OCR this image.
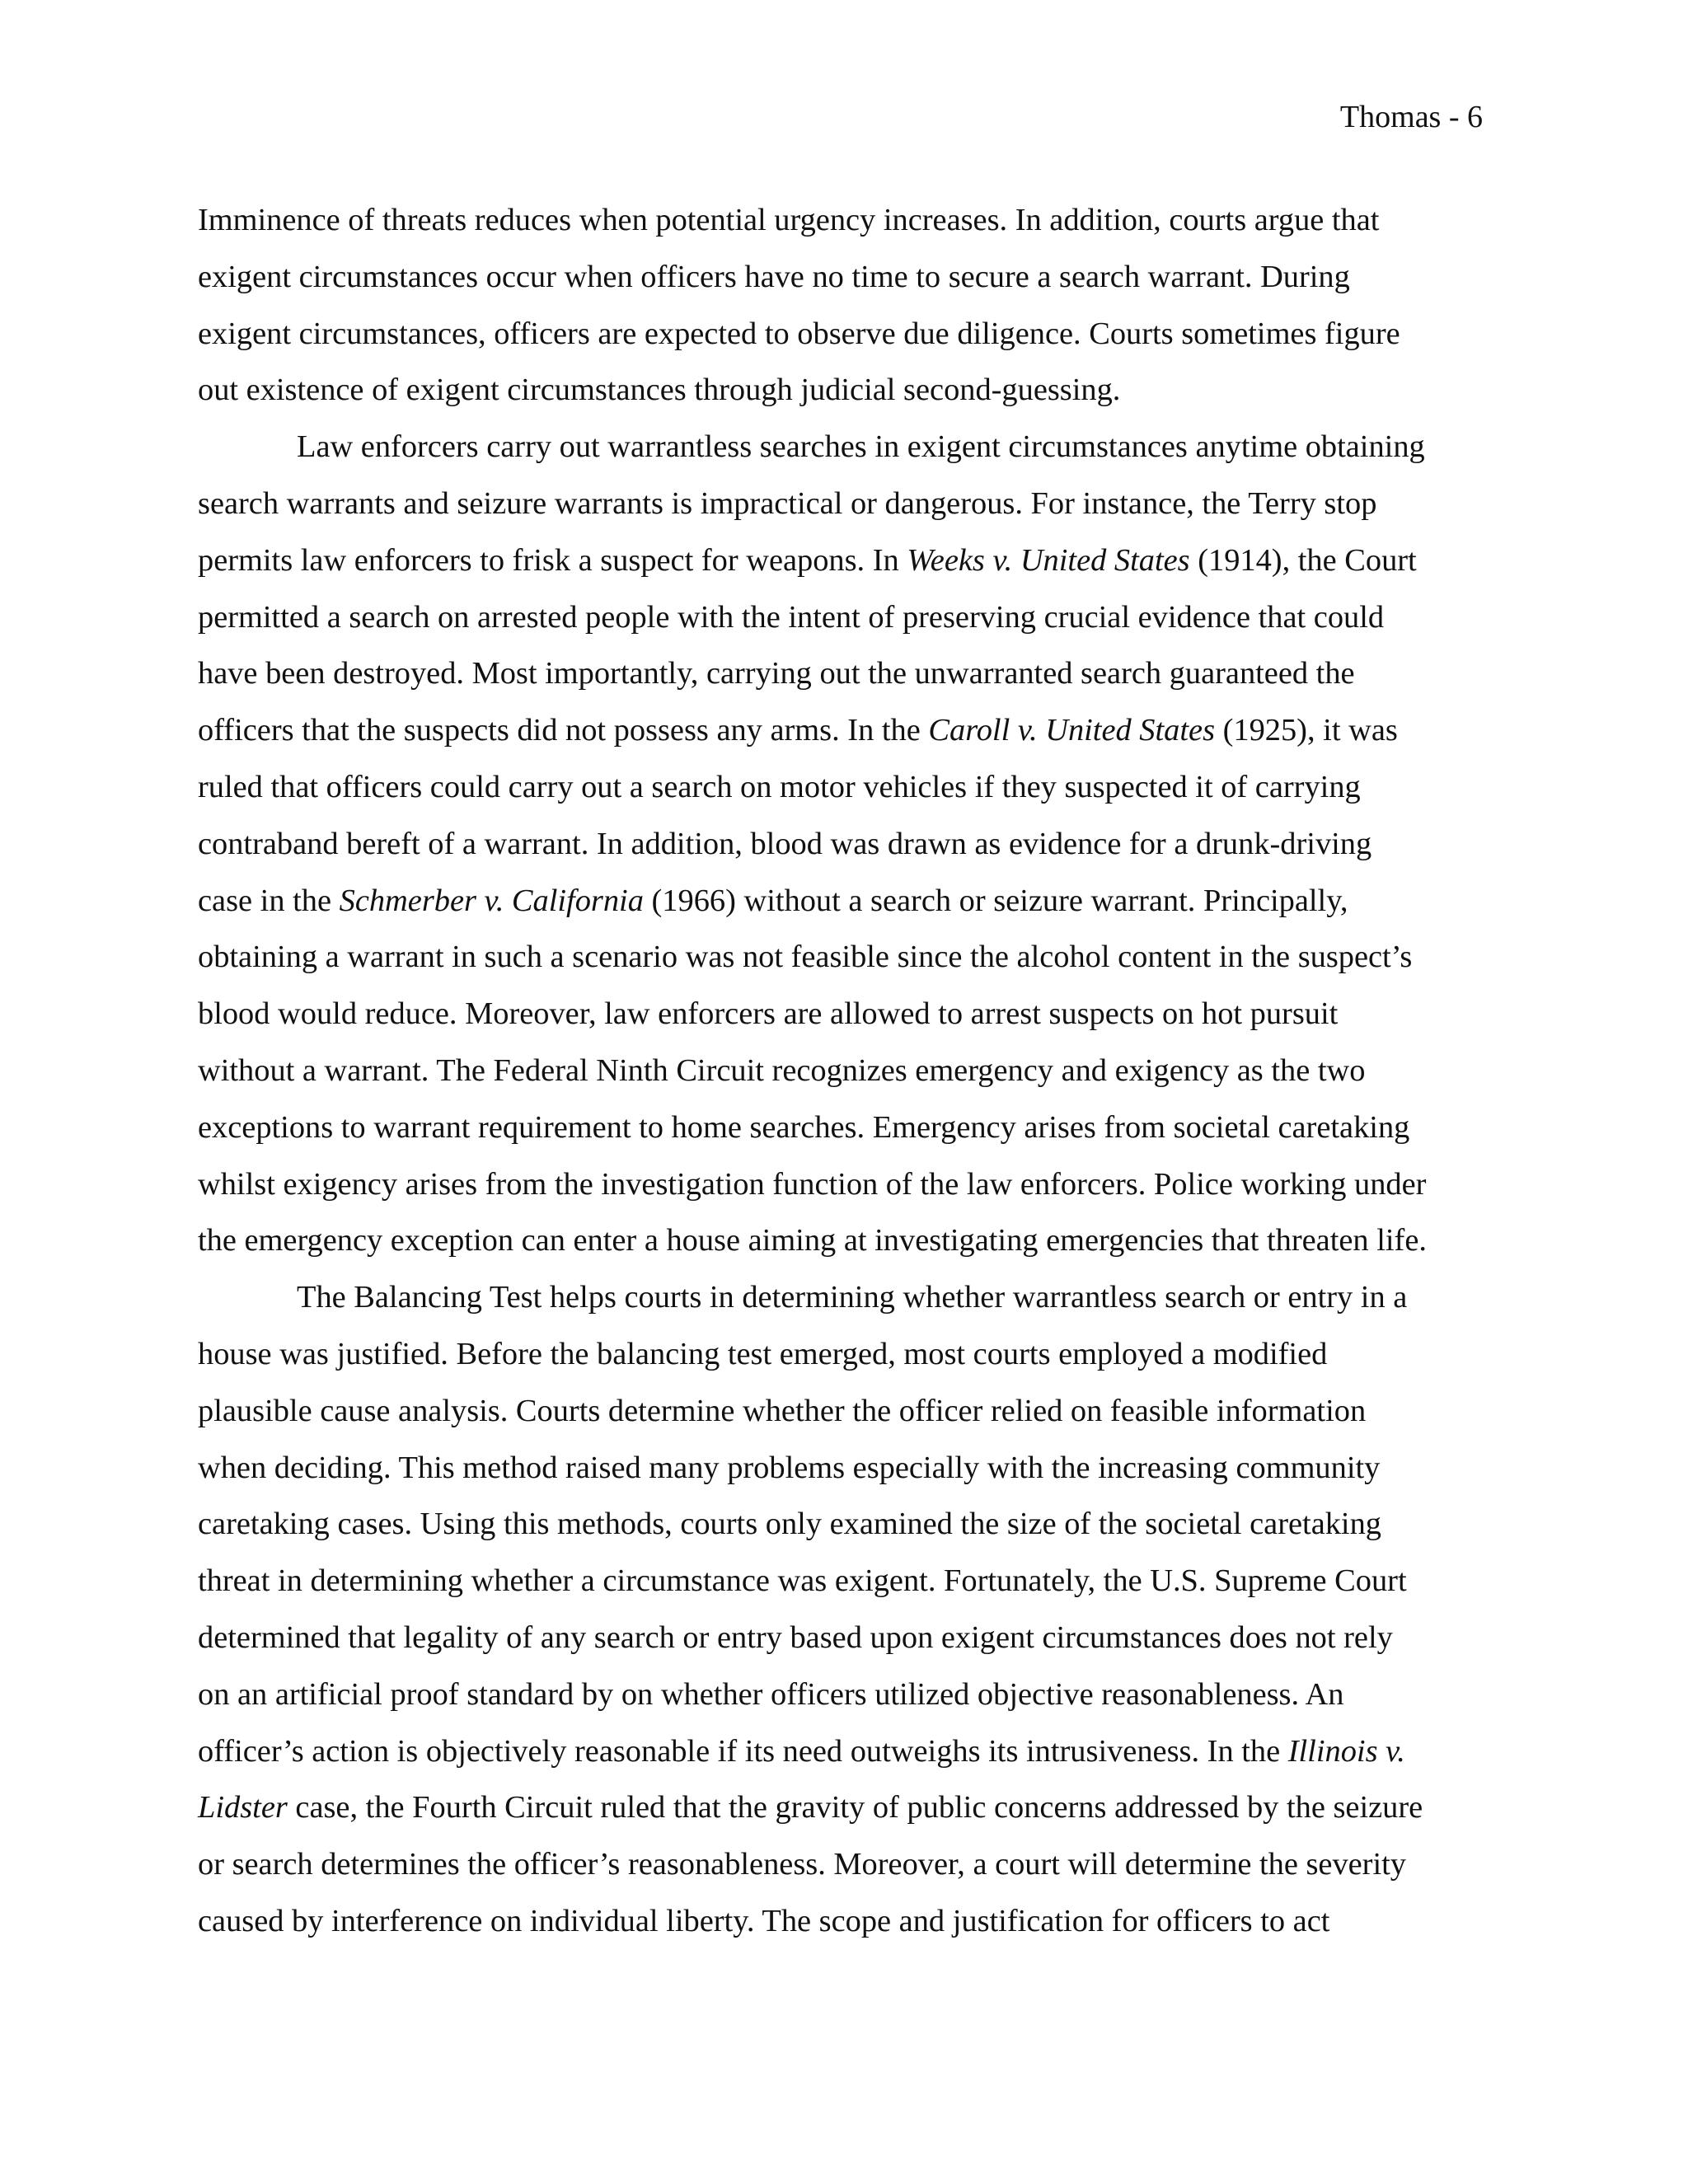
Thomas - 6
Imminence of threats reduces when potential urgency increases. In addition, courts argue that
exigent circumstances occur when officers have no time to secure a search warrant. During
exigent circumstances, officers are expected to observe due diligence. Courts sometimes figure
out existence of exigent circumstances through judicial second-guessing.
Law enforcers carry out warrantless searches in exigent circumstances anytime obtaining
search warrants and seizure warrants is impractical or dangerous. For instance, the Terry stop
permits law enforcers to frisk a suspect for weapons. In Weeks v. United States (1914), the Court
permitted a search on arrested people with the intent of preserving crucial evidence that could
have been destroyed. Most importantly, carrying out the unwarranted search guaranteed the
officers that the suspects did not possess any arms. In the Caroll v. United States (1925), it was
ruled that officers could carry out a search on motor vehicles if they suspected it of carrying
contraband bereft of a warrant. In addition, blood was drawn as evidence for a drunk-driving
case in the Schmerber v. California (1966) without a search or seizure warrant. Principally,
obtaining a warrant in such a scenario was not feasible since the alcohol content in the suspect’s
blood would reduce. Moreover, law enforcers are allowed to arrest suspects on hot pursuit
without a warrant. The Federal Ninth Circuit recognizes emergency and exigency as the two
exceptions to warrant requirement to home searches. Emergency arises from societal caretaking
whilst exigency arises from the investigation function of the law enforcers. Police working under
the emergency exception can enter a house aiming at investigating emergencies that threaten life.
The Balancing Test helps courts in determining whether warrantless search or entry in a
house was justified. Before the balancing test emerged, most courts employed a modified
plausible cause analysis. Courts determine whether the officer relied on feasible information
when deciding. This method raised many problems especially with the increasing community
caretaking cases. Using this methods, courts only examined the size of the societal caretaking
threat in determining whether a circumstance was exigent. Fortunately, the U.S. Supreme Court
determined that legality of any search or entry based upon exigent circumstances does not rely
on an artificial proof standard by on whether officers utilized objective reasonableness. An
officer’s action is objectively reasonable if its need outweighs its intrusiveness. In the Illinois v.
Lidster case, the Fourth Circuit ruled that the gravity of public concerns addressed by the seizure
or search determines the officer’s reasonableness. Moreover, a court will determine the severity
caused by interference on individual liberty. The scope and justification for officers to act
